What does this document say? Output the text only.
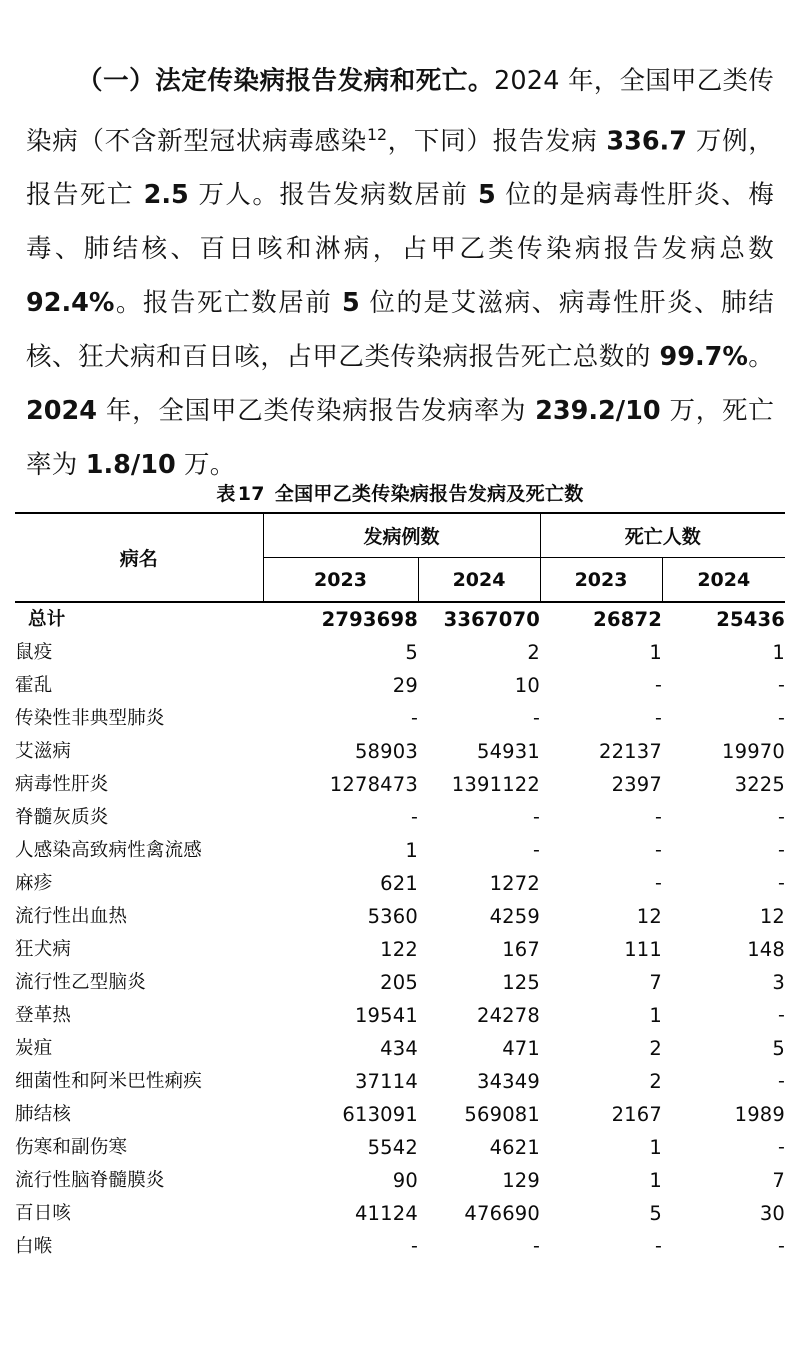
（一）法定传染病报告发病和死亡。2024 年，全国甲乙类传染病（不含新型冠状病毒感染$^{12}$，下同）报告发病 336.7 万例，报告死亡 2.5 万人。报告发病数居前 5 位的是病毒性肝炎、梅毒、肺结核、百日咳和淋病，占甲乙类传染病报告发病总数 92.4%。报告死亡数居前 5 位的是艾滋病、病毒性肝炎、肺结核、狂犬病和百日咳，占甲乙类传染病报告死亡总数的 99.7%。2024 年，全国甲乙类传染病报告发病率为 239.2/10 万，死亡率为 1.8/10 万。

表 17 全国甲乙类传染病报告发病及死亡数
病名	发病例数		死亡人数	
	2023	2024	2023	2024
总计	2793698	3367070	26872	25436
鼠疫	5	2	1	1
霍乱	29	10	-	-
传染性非典型肺炎	-	-	-	-
艾滋病	58903	54931	22137	19970
病毒性肝炎	1278473	1391122	2397	3225
脊髓灰质炎	-	-	-	-
人感染高致病性禽流感	1	-	-	-
麻疹	621	1272	-	-
流行性出血热	5360	4259	12	12
狂犬病	122	167	111	148
流行性乙型脑炎	205	125	7	3
登革热	19541	24278	1	-
炭疽	434	471	2	5
细菌性和阿米巴性痢疾	37114	34349	2	-
肺结核	613091	569081	2167	1989
伤寒和副伤寒	5542	4621	1	-
流行性脑脊髓膜炎	90	129	1	7
百日咳	41124	476690	5	30
白喉	-	-	-	-
